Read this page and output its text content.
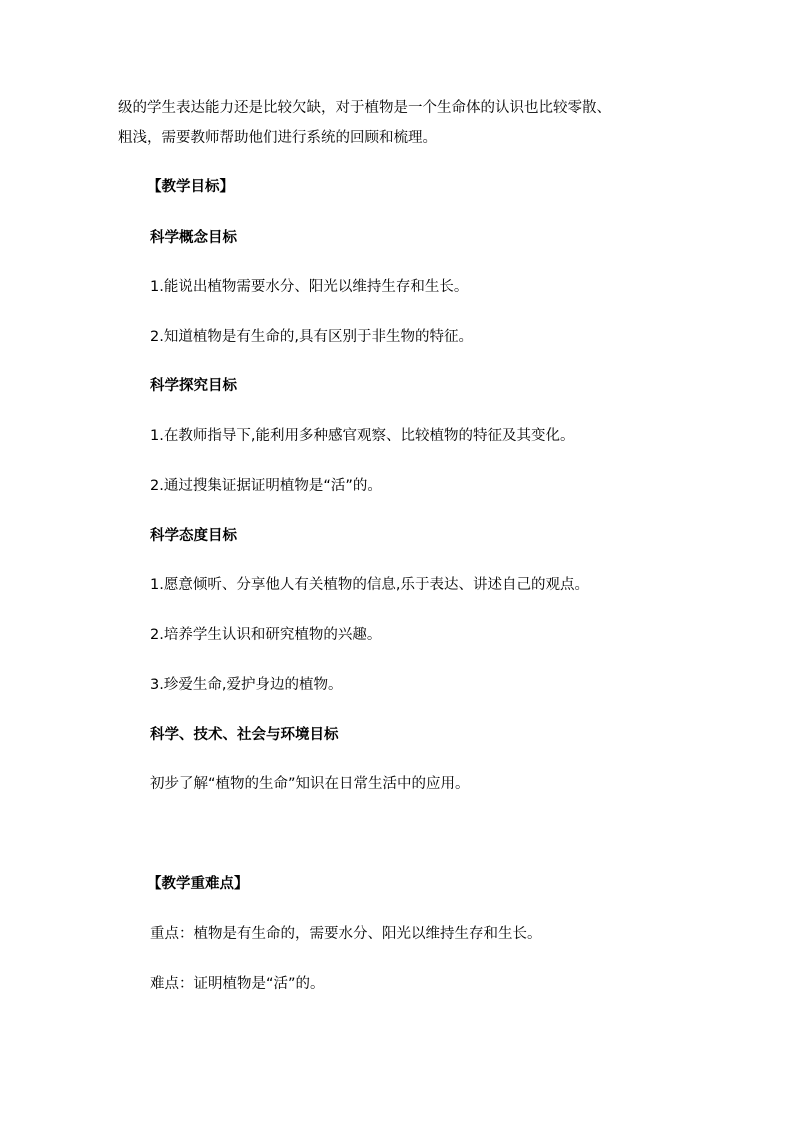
级的学生表达能力还是比较欠缺，对于植物是一个生命体的认识也比较零散、
粗浅，需要教师帮助他们进行系统的回顾和梳理。
【教学目标】
科学概念目标
1.能说出植物需要水分、阳光以维持生存和生长。
2.知道植物是有生命的,具有区别于非生物的特征。
科学探究目标
1.在教师指导下,能利用多种感官观察、比较植物的特征及其变化。
2.通过搜集证据证明植物是“活”的。
科学态度目标
1.愿意倾听、分享他人有关植物的信息,乐于表达、讲述自己的观点。
2.培养学生认识和研究植物的兴趣。
3.珍爱生命,爱护身边的植物。
科学、技术、社会与环境目标
初步了解“植物的生命”知识在日常生活中的应用。
【教学重难点】
重点：植物是有生命的，需要水分、阳光以维持生存和生长。
难点：证明植物是“活”的。
